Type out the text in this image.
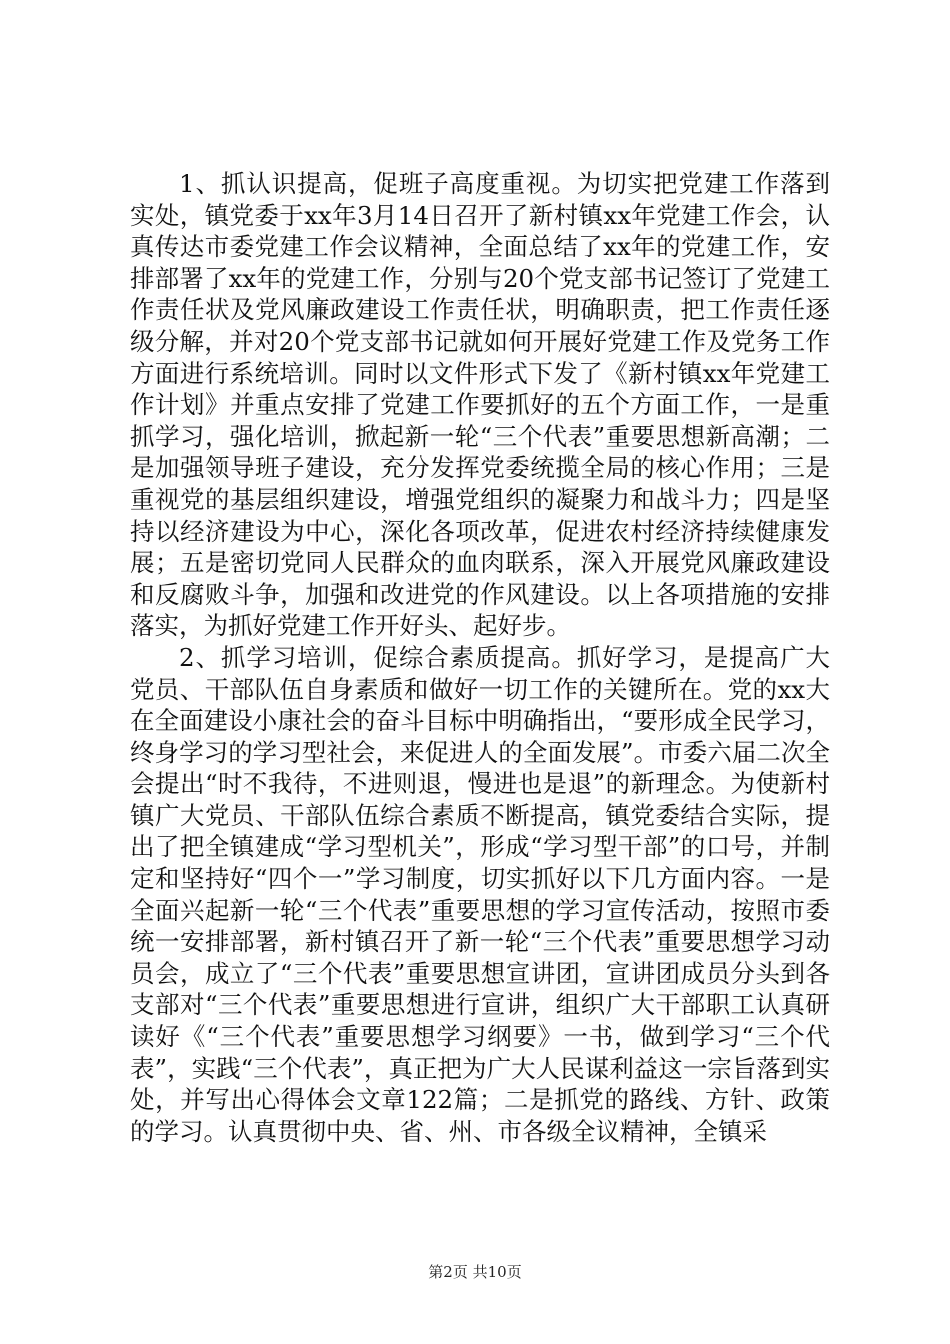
1、抓认识提高，促班子高度重视。为切实把党建工作落到实处，镇党委于xx年3月14日召开了新村镇xx年党建工作会，认真传达市委党建工作会议精神，全面总结了xx年的党建工作，安排部署了xx年的党建工作，分别与20个党支部书记签订了党建工作责任状及党风廉政建设工作责任状，明确职责，把工作责任逐级分解，并对20个党支部书记就如何开展好党建工作及党务工作方面进行系统培训。同时以文件形式下发了《新村镇xx年党建工作计划》并重点安排了党建工作要抓好的五个方面工作，一是重抓学习，强化培训，掀起新一轮“三个代表”重要思想新高潮；二是加强领导班子建设，充分发挥党委统揽全局的核心作用；三是重视党的基层组织建设，增强党组织的凝聚力和战斗力；四是坚持以经济建设为中心，深化各项改革，促进农村经济持续健康发展；五是密切党同人民群众的血肉联系，深入开展党风廉政建设和反腐败斗争，加强和改进党的作风建设。以上各项措施的安排落实，为抓好党建工作开好头、起好步。

2、抓学习培训，促综合素质提高。抓好学习，是提高广大党员、干部队伍自身素质和做好一切工作的关键所在。党的xx大在全面建设小康社会的奋斗目标中明确指出，“要形成全民学习，终身学习的学习型社会，来促进人的全面发展”。市委六届二次全会提出“时不我待，不进则退，慢进也是退”的新理念。为使新村镇广大党员、干部队伍综合素质不断提高，镇党委结合实际，提出了把全镇建成“学习型机关”，形成“学习型干部”的口号，并制定和坚持好“四个一”学习制度，切实抓好以下几方面内容。一是全面兴起新一轮“三个代表”重要思想的学习宣传活动，按照市委统一安排部署，新村镇召开了新一轮“三个代表”重要思想学习动员会，成立了“三个代表”重要思想宣讲团，宣讲团成员分头到各支部对“三个代表”重要思想进行宣讲，组织广大干部职工认真研读好《“三个代表”重要思想学习纲要》一书，做到学习“三个代表”，实践“三个代表”，真正把为广大人民谋利益这一宗旨落到实处，并写出心得体会文章122篇；二是抓党的路线、方针、政策的学习。认真贯彻中央、省、州、市各级全议精神，全镇采

第2页 共10页
